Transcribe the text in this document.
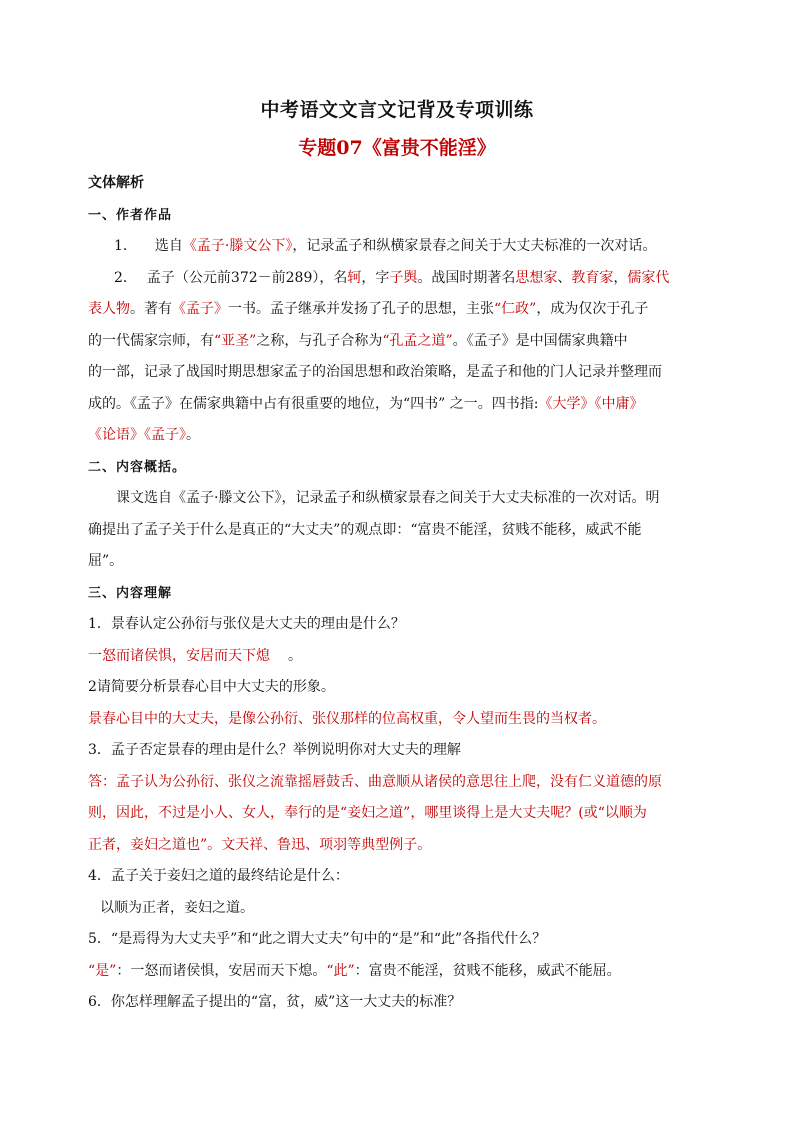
中考语文文言文记背及专项训练
专题07《富贵不能淫》
文体解析
一、作者作品
1． 选自《孟子·滕文公下》，记录孟子和纵横家景春之间关于大丈夫标准的一次对话。
2． 孟子（公元前372－前289），名轲，字子舆。战国时期著名思想家、教育家，儒家代
表人物。著有《孟子》一书。孟子继承并发扬了孔子的思想，主张“仁政”，成为仅次于孔子
的一代儒家宗师，有“亚圣”之称，与孔子合称为“孔孟之道”。《孟子》是中国儒家典籍中
的一部，记录了战国时期思想家孟子的治国思想和政治策略，是孟子和他的门人记录并整理而
成的。《孟子》在儒家典籍中占有很重要的地位，为“四书” 之一。四书指:《大学》《中庸》
《论语》《孟子》。
二、内容概括。
课文选自《孟子·滕文公下》，记录孟子和纵横家景春之间关于大丈夫标准的一次对话。明
确提出了孟子关于什么是真正的“大丈夫”的观点即：“富贵不能淫，贫贱不能移，威武不能
屈”。
三、内容理解
1．景春认定公孙衍与张仪是大丈夫的理由是什么？
一怒而诸侯惧，安居而天下熄 。
2请简要分析景春心目中大丈夫的形象。
景春心目中的大丈夫，是像公孙衍、张仪那样的位高权重，令人望而生畏的当权者。
3．孟子否定景春的理由是什么？举例说明你对大丈夫的理解
答：孟子认为公孙衍、张仪之流靠摇唇鼓舌、曲意顺从诸侯的意思往上爬，没有仁义道德的原
则，因此，不过是小人、女人，奉行的是“妾妇之道”，哪里谈得上是大丈夫呢？(或“以顺为
正者，妾妇之道也”。文天祥、鲁迅、项羽等典型例子。
4．孟子关于妾妇之道的最终结论是什么：
以顺为正者，妾妇之道。
5．“是焉得为大丈夫乎”和“此之谓大丈夫”句中的“是”和“此”各指代什么？
“是”：一怒而诸侯惧，安居而天下熄。“此”：富贵不能淫，贫贱不能移，威武不能屈。
6．你怎样理解孟子提出的“富，贫，威”这一大丈夫的标准？
